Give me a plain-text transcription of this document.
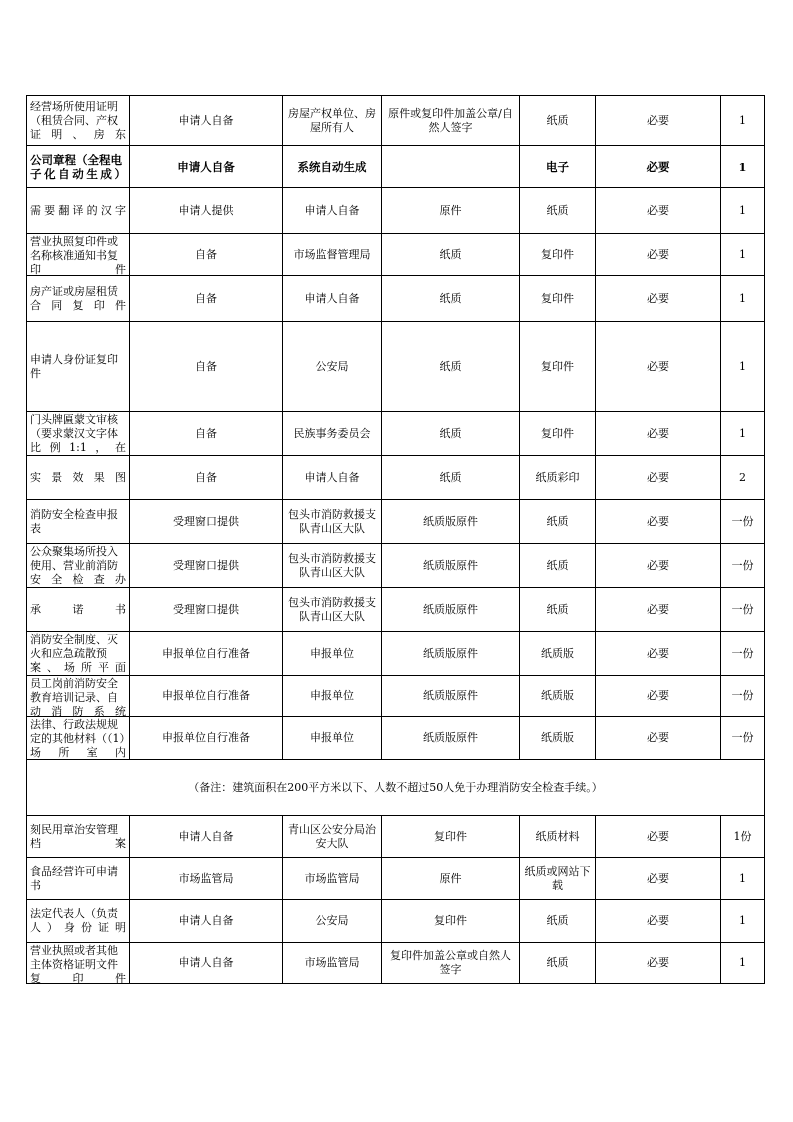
经营场所使用证明（租赁合同、产权证明、房东	申请人自备	房屋产权单位、房屋所有人	原件或复印件加盖公章/自然人签字	纸质	必要	1

公司章程（全程电子化自动生成）	申请人自备	系统自动生成		电子	必要	1

需要翻译的汉字	申请人提供	申请人自备	原件	纸质	必要	1

营业执照复印件或名称核准通知书复印件	自备	市场监督管理局	纸质	复印件	必要	1

房产证或房屋租赁合同复印件	自备	申请人自备	纸质	复印件	必要	1

申请人身份证复印件	自备	公安局	纸质	复印件	必要	1

门头牌匾蒙文审核（要求蒙汉文字体比例1:1，在	自备	民族事务委员会	纸质	复印件	必要	1

实景效果图	自备	申请人自备	纸质	纸质彩印	必要	2

消防安全检查申报表	受理窗口提供	包头市消防救援支队青山区大队	纸质版原件	纸质	必要	一份

公众聚集场所投入使用、营业前消防安全检查办	受理窗口提供	包头市消防救援支队青山区大队	纸质版原件	纸质	必要	一份

承诺书	受理窗口提供	包头市消防救援支队青山区大队	纸质版原件	纸质	必要	一份

消防安全制度、灭火和应急疏散预案、场所平面	申报单位自行准备	申报单位	纸质版原件	纸质版	必要	一份

员工岗前消防安全教育培训记录、自动消防系统	申报单位自行准备	申报单位	纸质版原件	纸质版	必要	一份

法律、行政法规规定的其他材料（（1）场所室内	申报单位自行准备	申报单位	纸质版原件	纸质版	必要	一份

（备注：建筑面积在200平方米以下、人数不超过50人免于办理消防安全检查手续。）						

刻民用章治安管理档案	申请人自备	青山区公安分局治安大队	复印件	纸质材料	必要	1份

食品经营许可申请书	市场监管局	市场监管局	原件	纸质或网站下载	必要	1

法定代表人（负责人）身份证明	申请人自备	公安局	复印件	纸质	必要	1

营业执照或者其他主体资格证明文件复印件	申请人自备	市场监管局	复印件加盖公章或自然人签字	纸质	必要	1
